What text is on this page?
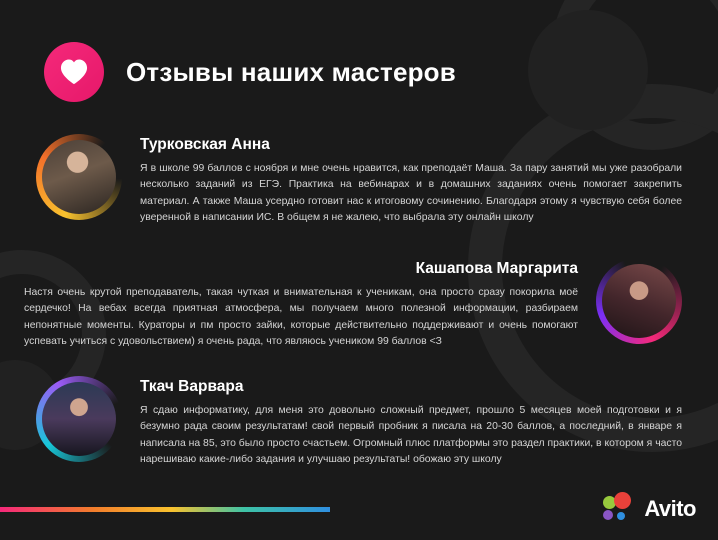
Отзывы наших мастеров
Турковская Анна
Я в школе 99 баллов с ноября и мне очень нравится, как преподаёт Маша. За пару занятий мы уже разобрали несколько заданий из ЕГЭ. Практика на вебинарах и в домашних заданиях очень помогает закрепить материал. А также Маша усердно готовит нас к итоговому сочинению. Благодаря этому я чувствую себя более уверенной в написании ИС. В общем я не жалею, что выбрала эту онлайн школу
Кашапова Маргарита
Настя очень крутой преподаватель, такая чуткая и внимательная к ученикам, она просто сразу покорила моё сердечко! На вебах всегда приятная атмосфера, мы получаем много полезной информации, разбираем непонятные моменты. Кураторы и пм просто зайки, которые действительно поддерживают и очень помогают успевать учиться с удовольствием) я очень рада, что являюсь учеником 99 баллов <З
Ткач Варвара
Я сдаю информатику, для меня это довольно сложный предмет, прошло 5 месяцев моей подготовки и я безумно рада своим результатам! свой первый пробник я писала на 20-30 баллов, а последний, в январе я написала на 85, это было просто счастьем. Огромный плюс платформы это раздел практики, в котором я часто нарешиваю какие-либо задания и улучшаю результаты! обожаю эту школу
Avito
